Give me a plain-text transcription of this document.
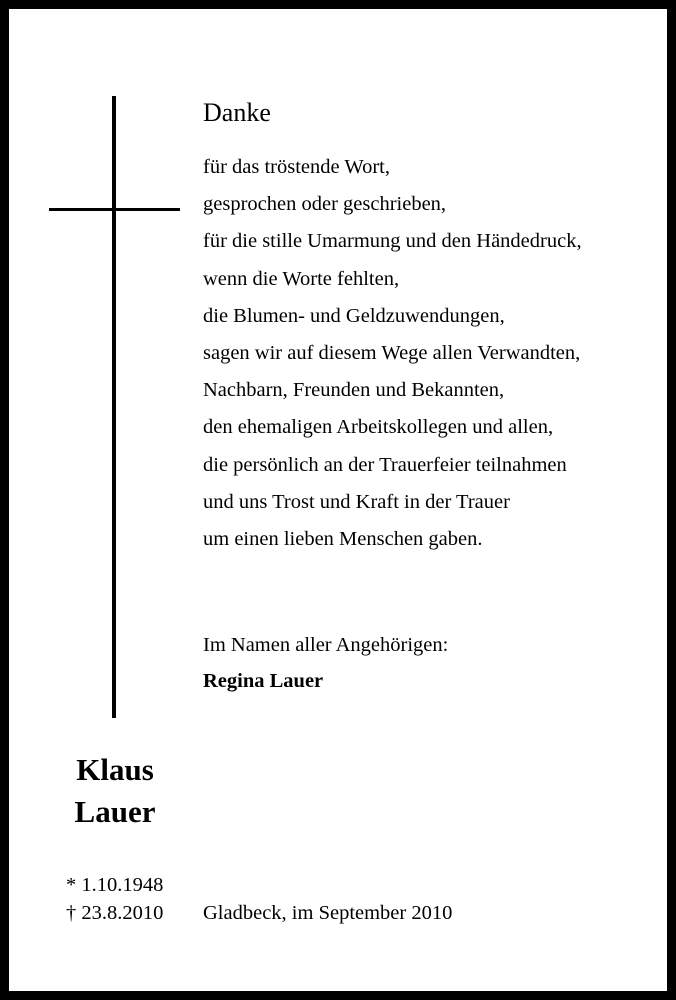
Danke
für das tröstende Wort,
gesprochen oder geschrieben,
für die stille Umarmung und den Händedruck,
wenn die Worte fehlten,
die Blumen- und Geldzuwendungen,
sagen wir auf diesem Wege allen Verwandten,
Nachbarn, Freunden und Bekannten,
den ehemaligen Arbeitskollegen und allen,
die persönlich an der Trauerfeier teilnahmen
und uns Trost und Kraft in der Trauer
um einen lieben Menschen gaben.
Im Namen aller Angehörigen:
Regina Lauer
Klaus
Lauer
* 1.10.1948
† 23.8.2010 Gladbeck, im September 2010
